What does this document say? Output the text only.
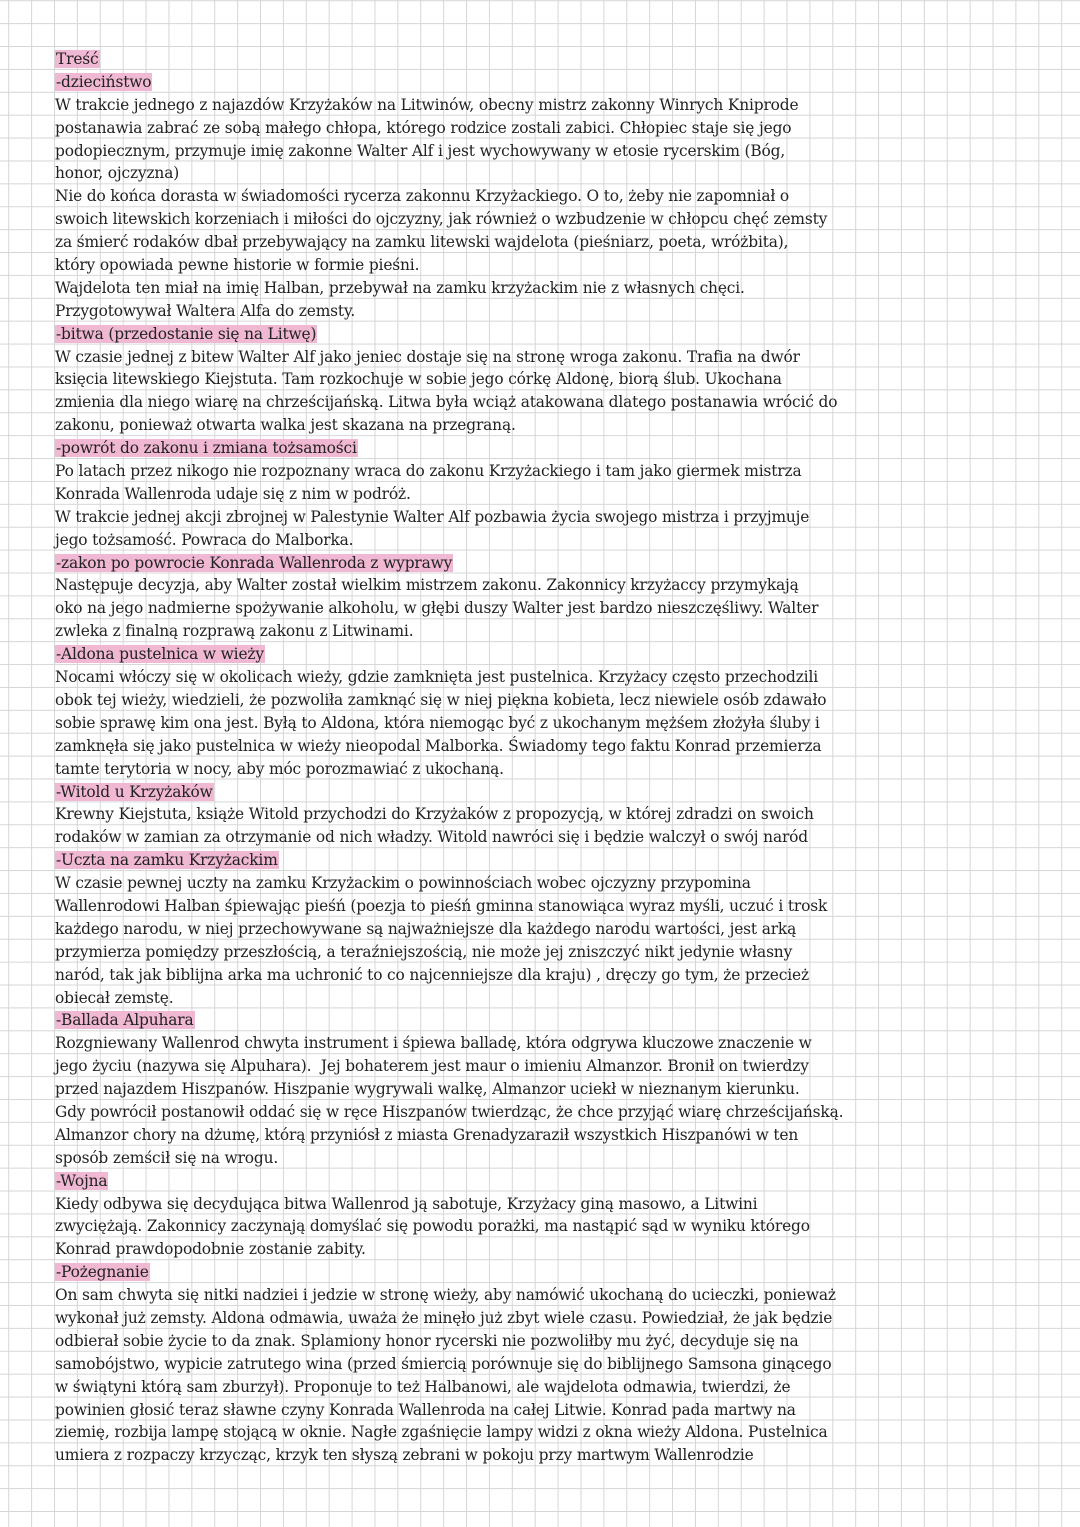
Treść
-dzieciństwo
W trakcie jednego z najazdów Krzyżaków na Litwinów, obecny mistrz zakonny Winrych Kniprode
postanawia zabrać ze sobą małego chłopa, którego rodzice zostali zabici. Chłopiec staje się jego
podopiecznym, przymuje imię zakonne Walter Alf i jest wychowywany w etosie rycerskim (Bóg,
honor, ojczyzna)
Nie do końca dorasta w świadomości rycerza zakonnu Krzyżackiego. O to, żeby nie zapomniał o
swoich litewskich korzeniach i miłości do ojczyzny, jak również o wzbudzenie w chłopcu chęć zemsty
za śmierć rodaków dbał przebywający na zamku litewski wajdelota (pieśniarz, poeta, wróżbita),
który opowiada pewne historie w formie pieśni.
Wajdelota ten miał na imię Halban, przebywał na zamku krzyżackim nie z własnych chęci.
Przygotowywał Waltera Alfa do zemsty.
-bitwa (przedostanie się na Litwę)
W czasie jednej z bitew Walter Alf jako jeniec dostaje się na stronę wroga zakonu. Trafia na dwór
księcia litewskiego Kiejstuta. Tam rozkochuje w sobie jego córkę Aldonę, biorą ślub. Ukochana
zmienia dla niego wiarę na chrześcijańską. Litwa była wciąż atakowana dlatego postanawia wrócić do
zakonu, ponieważ otwarta walka jest skazana na przegraną.
-powrót do zakonu i zmiana tożsamości
Po latach przez nikogo nie rozpoznany wraca do zakonu Krzyżackiego i tam jako giermek mistrza
Konrada Wallenroda udaje się z nim w podróż.
W trakcie jednej akcji zbrojnej w Palestynie Walter Alf pozbawia życia swojego mistrza i przyjmuje
jego tożsamość. Powraca do Malborka.
-zakon po powrocie Konrada Wallenroda z wyprawy
Następuje decyzja, aby Walter został wielkim mistrzem zakonu. Zakonnicy krzyżaccy przymykają
oko na jego nadmierne spożywanie alkoholu, w głębi duszy Walter jest bardzo nieszczęśliwy. Walter
zwleka z finalną rozprawą zakonu z Litwinami.
-Aldona pustelnica w wieży
Nocami włóczy się w okolicach wieży, gdzie zamknięta jest pustelnica. Krzyżacy często przechodzili
obok tej wieży, wiedzieli, że pozwoliła zamknąć się w niej piękna kobieta, lecz niewiele osób zdawało
sobie sprawę kim ona jest. Byłą to Aldona, która niemogąc być z ukochanym mężśem złożyła śluby i
zamknęła się jako pustelnica w wieży nieopodal Malborka. Świadomy tego faktu Konrad przemierza
tamte terytoria w nocy, aby móc porozmawiać z ukochaną.
-Witold u Krzyżaków
Krewny Kiejstuta, książe Witold przychodzi do Krzyżaków z propozycją, w której zdradzi on swoich
rodaków w zamian za otrzymanie od nich władzy. Witold nawróci się i będzie walczył o swój naród
-Uczta na zamku Krzyżackim
W czasie pewnej uczty na zamku Krzyżackim o powinnościach wobec ojczyzny przypomina
Wallenrodowi Halban śpiewając pieśń (poezja to pieśń gminna stanowiąca wyraz myśli, uczuć i trosk
każdego narodu, w niej przechowywane są najważniejsze dla każdego narodu wartości, jest arką
przymierza pomiędzy przeszłością, a teraźniejszością, nie może jej zniszczyć nikt jedynie własny
naród, tak jak biblijna arka ma uchronić to co najcenniejsze dla kraju) , dręczy go tym, że przecież
obiecał zemstę.
-Ballada Alpuhara
Rozgniewany Wallenrod chwyta instrument i śpiewa balladę, która odgrywa kluczowe znaczenie w
jego życiu (nazywa się Alpuhara).  Jej bohaterem jest maur o imieniu Almanzor. Bronił on twierdzy
przed najazdem Hiszpanów. Hiszpanie wygrywali walkę, Almanzor uciekł w nieznanym kierunku.
Gdy powrócił postanowił oddać się w ręce Hiszpanów twierdząc, że chce przyjąć wiarę chrześcijańską.
Almanzor chory na dżumę, którą przyniósł z miasta Grenadyzaraził wszystkich Hiszpanówi w ten
sposób zemścił się na wrogu.
-Wojna
Kiedy odbywa się decydująca bitwa Wallenrod ją sabotuje, Krzyżacy giną masowo, a Litwini
zwyciężają. Zakonnicy zaczynają domyślać się powodu porażki, ma nastąpić sąd w wyniku którego
Konrad prawdopodobnie zostanie zabity.
-Pożegnanie
On sam chwyta się nitki nadziei i jedzie w stronę wieży, aby namówić ukochaną do ucieczki, ponieważ
wykonał już zemsty. Aldona odmawia, uważa że minęło już zbyt wiele czasu. Powiedział, że jak będzie
odbierał sobie życie to da znak. Splamiony honor rycerski nie pozwoliłby mu żyć, decyduje się na
samobójstwo, wypicie zatrutego wina (przed śmiercią porównuje się do biblijnego Samsona ginącego
w świątyni którą sam zburzył). Proponuje to też Halbanowi, ale wajdelota odmawia, twierdzi, że
powinien głosić teraz sławne czyny Konrada Wallenroda na całej Litwie. Konrad pada martwy na
ziemię, rozbija lampę stojącą w oknie. Nagłe zgaśnięcie lampy widzi z okna wieży Aldona. Pustelnica
umiera z rozpaczy krzycząc, krzyk ten słyszą zebrani w pokoju przy martwym Wallenrodzie
